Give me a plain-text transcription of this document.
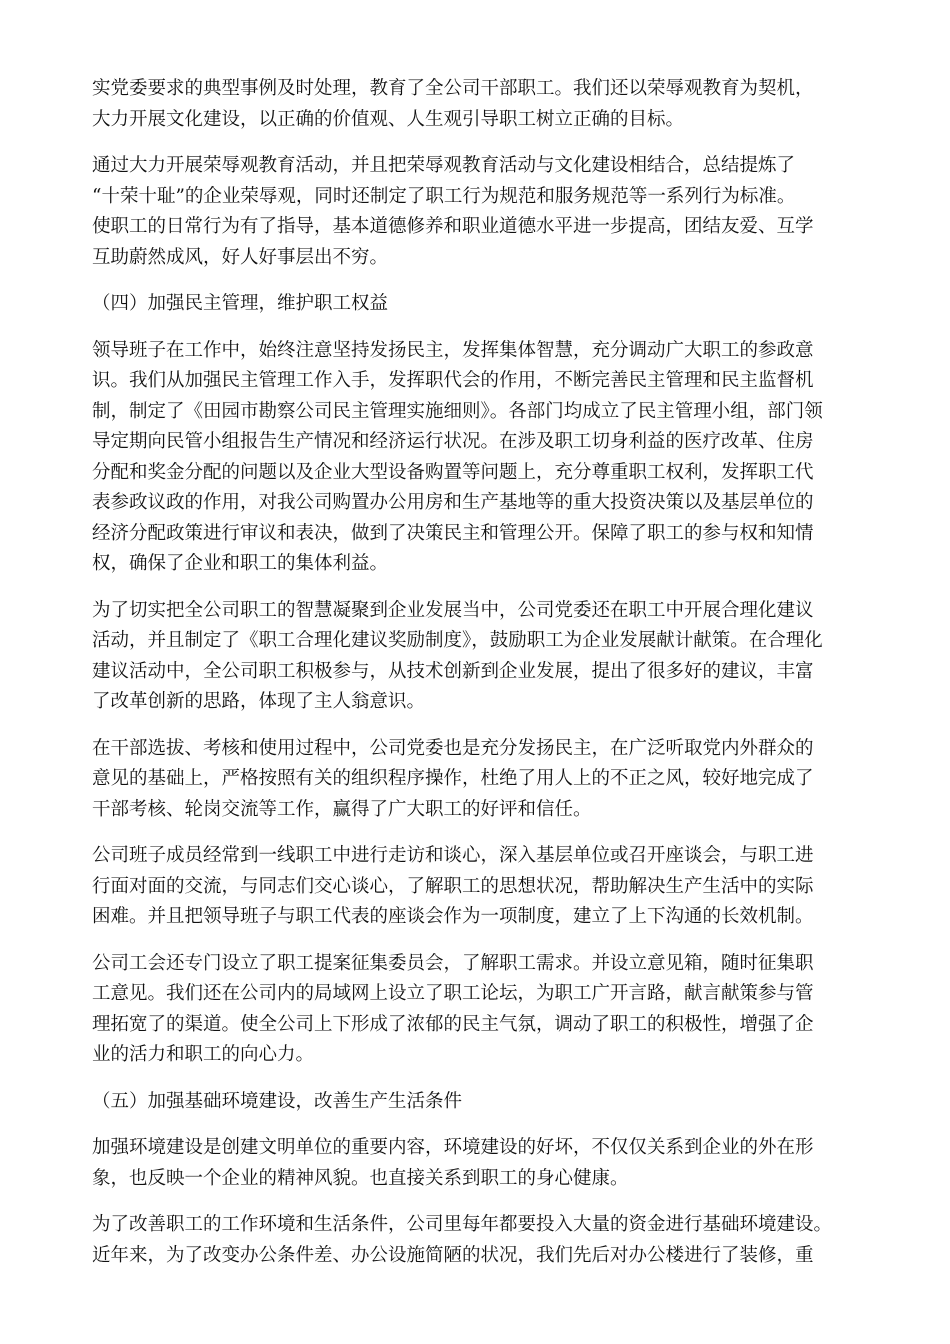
实党委要求的典型事例及时处理，教育了全公司干部职工。我们还以荣辱观教育为契机，
大力开展文化建设，以正确的价值观、人生观引导职工树立正确的目标。

通过大力开展荣辱观教育活动，并且把荣辱观教育活动与文化建设相结合，总结提炼了
“十荣十耻”的企业荣辱观，同时还制定了职工行为规范和服务规范等一系列行为标准。
使职工的日常行为有了指导，基本道德修养和职业道德水平进一步提高，团结友爱、互学
互助蔚然成风，好人好事层出不穷。

（四）加强民主管理，维护职工权益

领导班子在工作中，始终注意坚持发扬民主，发挥集体智慧，充分调动广大职工的参政意
识。我们从加强民主管理工作入手，发挥职代会的作用，不断完善民主管理和民主监督机
制，制定了《田园市勘察公司民主管理实施细则》。各部门均成立了民主管理小组，部门领
导定期向民管小组报告生产情况和经济运行状况。在涉及职工切身利益的医疗改革、住房
分配和奖金分配的问题以及企业大型设备购置等问题上，充分尊重职工权利，发挥职工代
表参政议政的作用，对我公司购置办公用房和生产基地等的重大投资决策以及基层单位的
经济分配政策进行审议和表决，做到了决策民主和管理公开。保障了职工的参与权和知情
权，确保了企业和职工的集体利益。

为了切实把全公司职工的智慧凝聚到企业发展当中，公司党委还在职工中开展合理化建议
活动，并且制定了《职工合理化建议奖励制度》，鼓励职工为企业发展献计献策。在合理化
建议活动中，全公司职工积极参与，从技术创新到企业发展，提出了很多好的建议，丰富
了改革创新的思路，体现了主人翁意识。

在干部选拔、考核和使用过程中，公司党委也是充分发扬民主，在广泛听取党内外群众的
意见的基础上，严格按照有关的组织程序操作，杜绝了用人上的不正之风，较好地完成了
干部考核、轮岗交流等工作，赢得了广大职工的好评和信任。

公司班子成员经常到一线职工中进行走访和谈心，深入基层单位或召开座谈会，与职工进
行面对面的交流，与同志们交心谈心，了解职工的思想状况，帮助解决生产生活中的实际
困难。并且把领导班子与职工代表的座谈会作为一项制度，建立了上下沟通的长效机制。

公司工会还专门设立了职工提案征集委员会，了解职工需求。并设立意见箱，随时征集职
工意见。我们还在公司内的局域网上设立了职工论坛，为职工广开言路，献言献策参与管
理拓宽了的渠道。使全公司上下形成了浓郁的民主气氛，调动了职工的积极性，增强了企
业的活力和职工的向心力。

（五）加强基础环境建设，改善生产生活条件

加强环境建设是创建文明单位的重要内容，环境建设的好坏，不仅仅关系到企业的外在形
象，也反映一个企业的精神风貌。也直接关系到职工的身心健康。

为了改善职工的工作环境和生活条件，公司里每年都要投入大量的资金进行基础环境建设。
近年来，为了改变办公条件差、办公设施简陋的状况，我们先后对办公楼进行了装修，重
